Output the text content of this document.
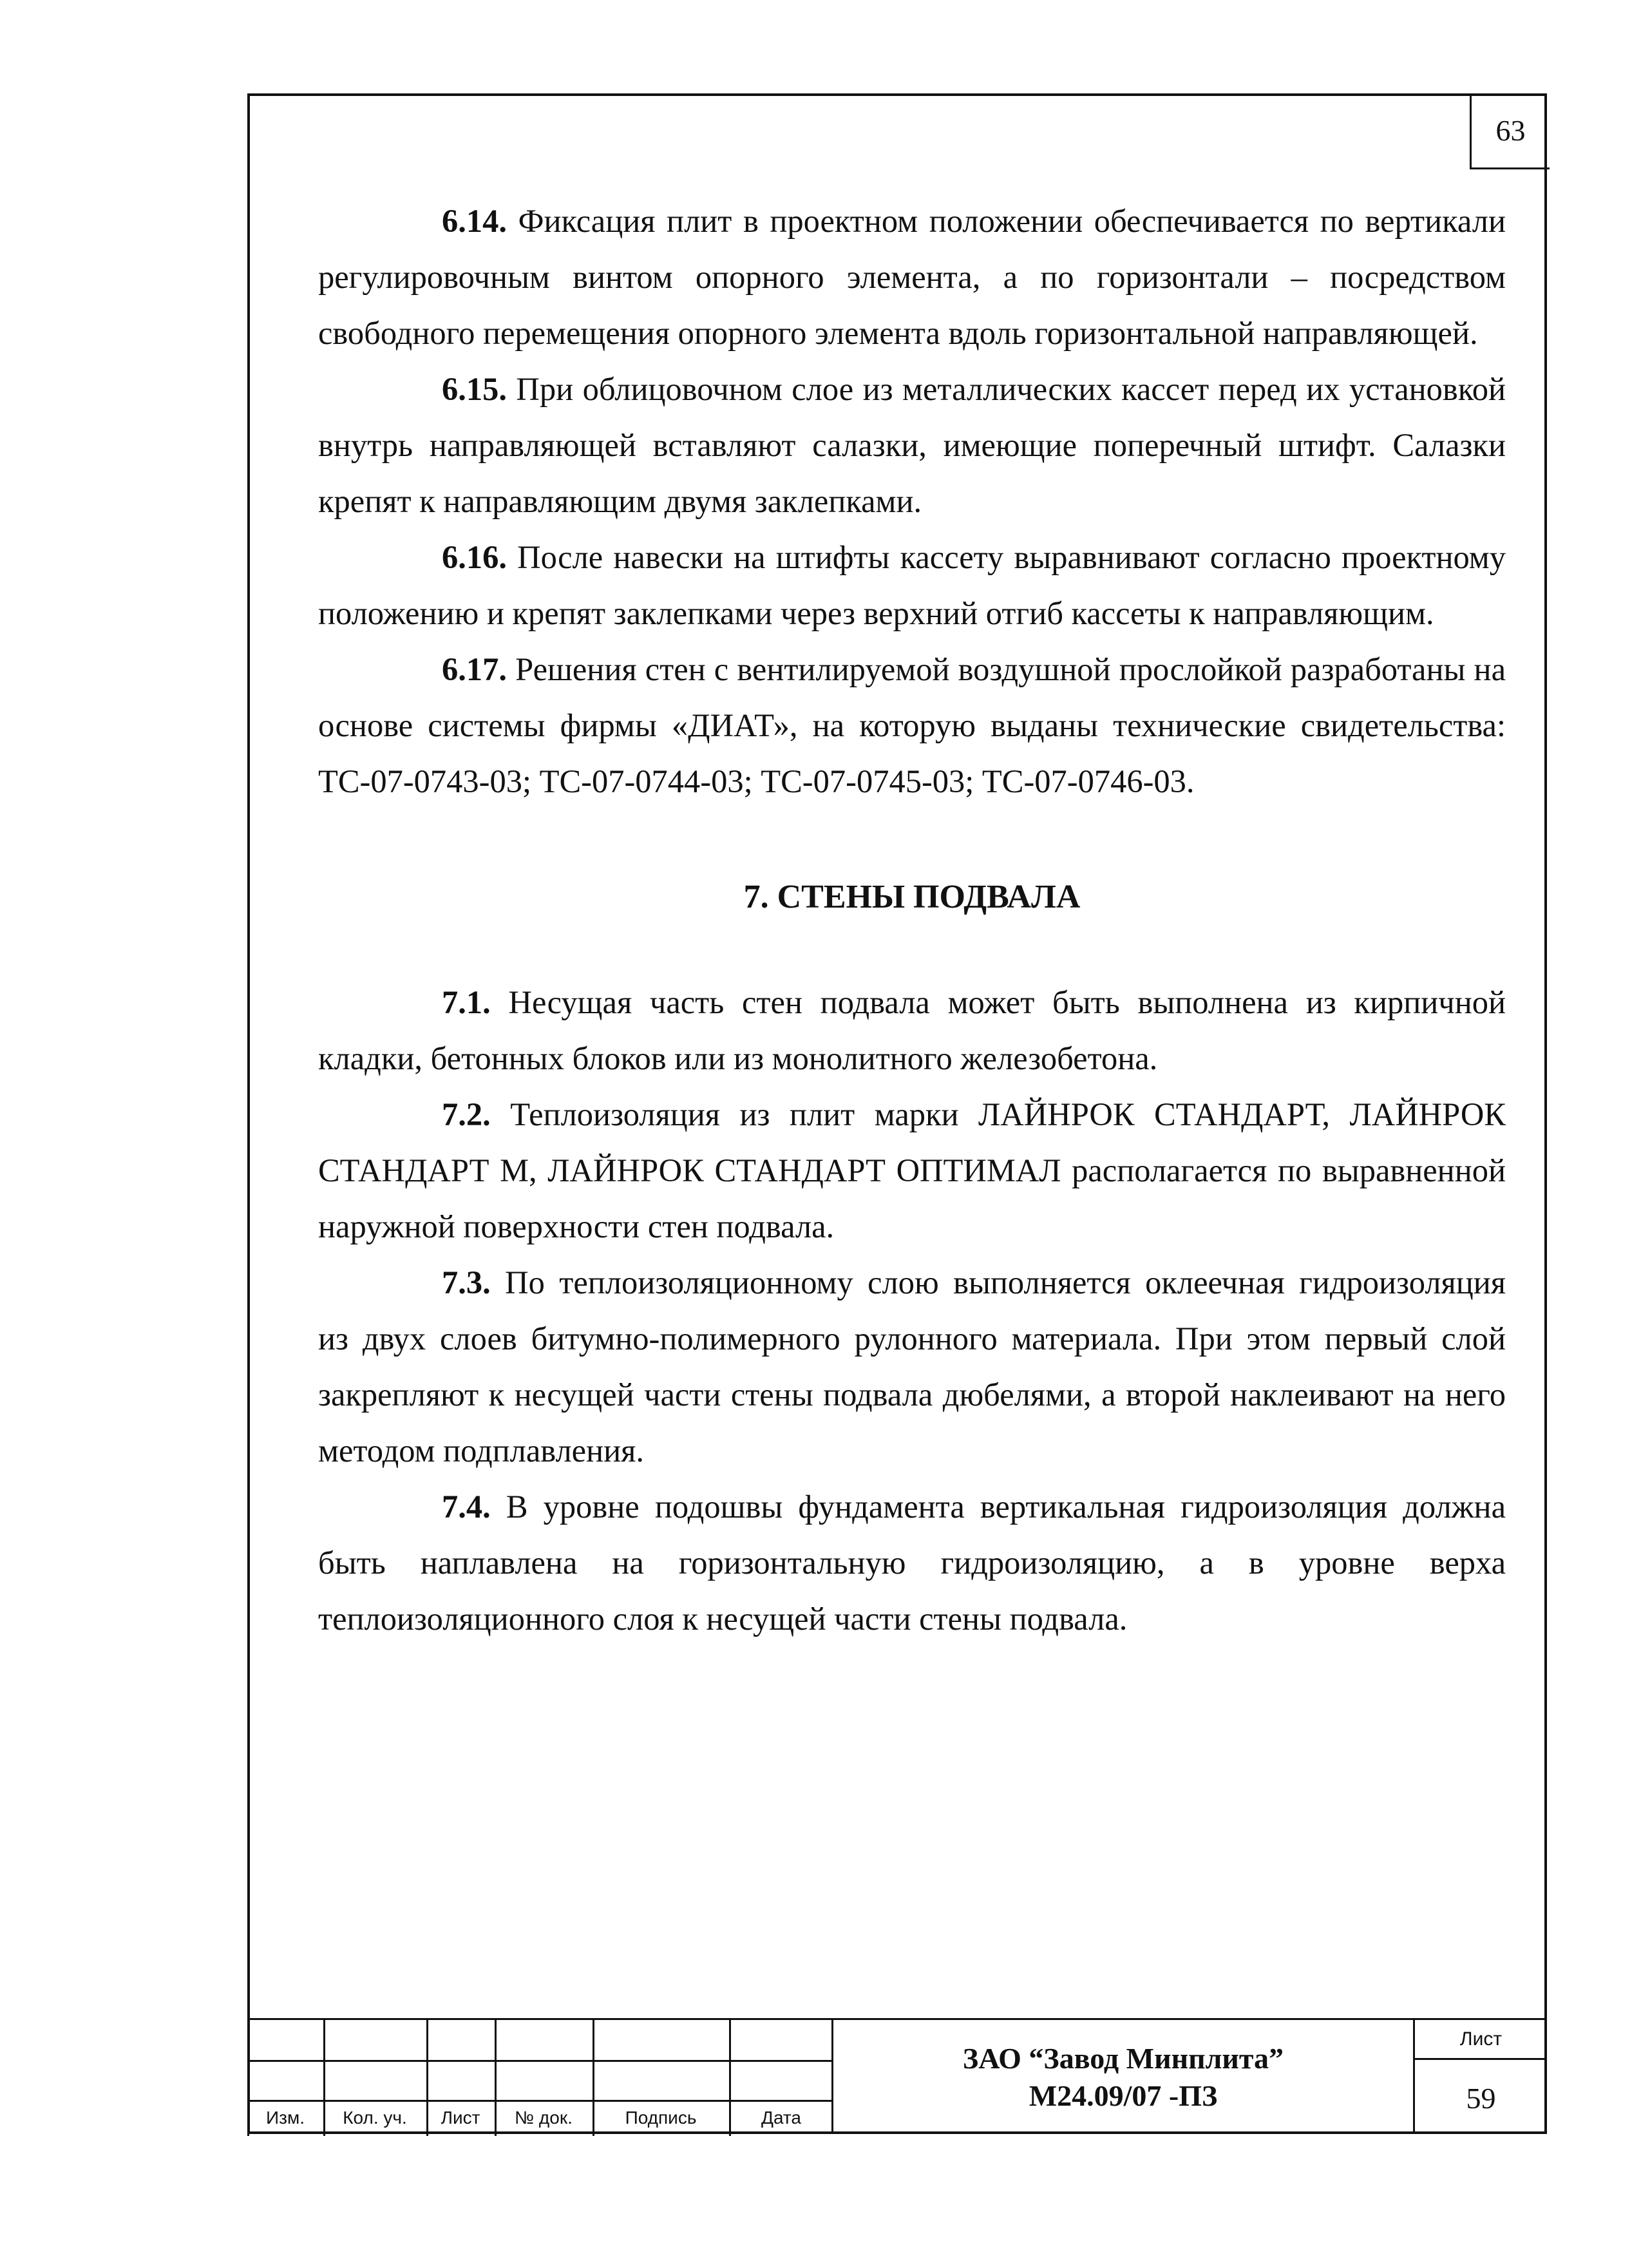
63

6.14. Фиксация плит в проектном положении обеспечивается по вертикали регулировочным винтом опорного элемента, а по горизонтали – посредством свободного перемещения опорного элемента вдоль горизонтальной направляющей.

6.15. При облицовочном слое из металлических кассет перед их установкой внутрь направляющей вставляют салазки, имеющие поперечный штифт. Салазки крепят к направляющим двумя заклепками.

6.16. После навески на штифты кассету выравнивают согласно проектному положению и крепят заклепками через верхний отгиб кассеты к направляющим.

6.17. Решения стен с вентилируемой воздушной прослойкой разработаны на основе системы фирмы «ДИАТ», на которую выданы технические свидетельства: ТС-07-0743-03; ТС-07-0744-03; ТС-07-0745-03; ТС-07-0746-03.

7. СТЕНЫ ПОДВАЛА

7.1. Несущая часть стен подвала может быть выполнена из кирпичной кладки, бетонных блоков или из монолитного железобетона.

7.2. Теплоизоляция из плит марки ЛАЙНРОК СТАНДАРТ, ЛАЙНРОК СТАНДАРТ М, ЛАЙНРОК СТАНДАРТ ОПТИМАЛ располагается по выравненной наружной поверхности стен подвала.

7.3. По теплоизоляционному слою выполняется оклеечная гидроизоляция из двух слоев битумно-полимерного рулонного материала. При этом первый слой закрепляют к несущей части стены подвала дюбелями, а второй наклеивают на него методом подплавления.

7.4. В уровне подошвы фундамента вертикальная гидроизоляция должна быть наплавлена на горизонтальную гидроизоляцию, а в уровне верха теплоизоляционного слоя к несущей части стены подвала.

Изм.	Кол. уч.	Лист	№ док.	Подпись	Дата
ЗАО “Завод Минплита”
М24.09/07 -ПЗ
Лист
59
